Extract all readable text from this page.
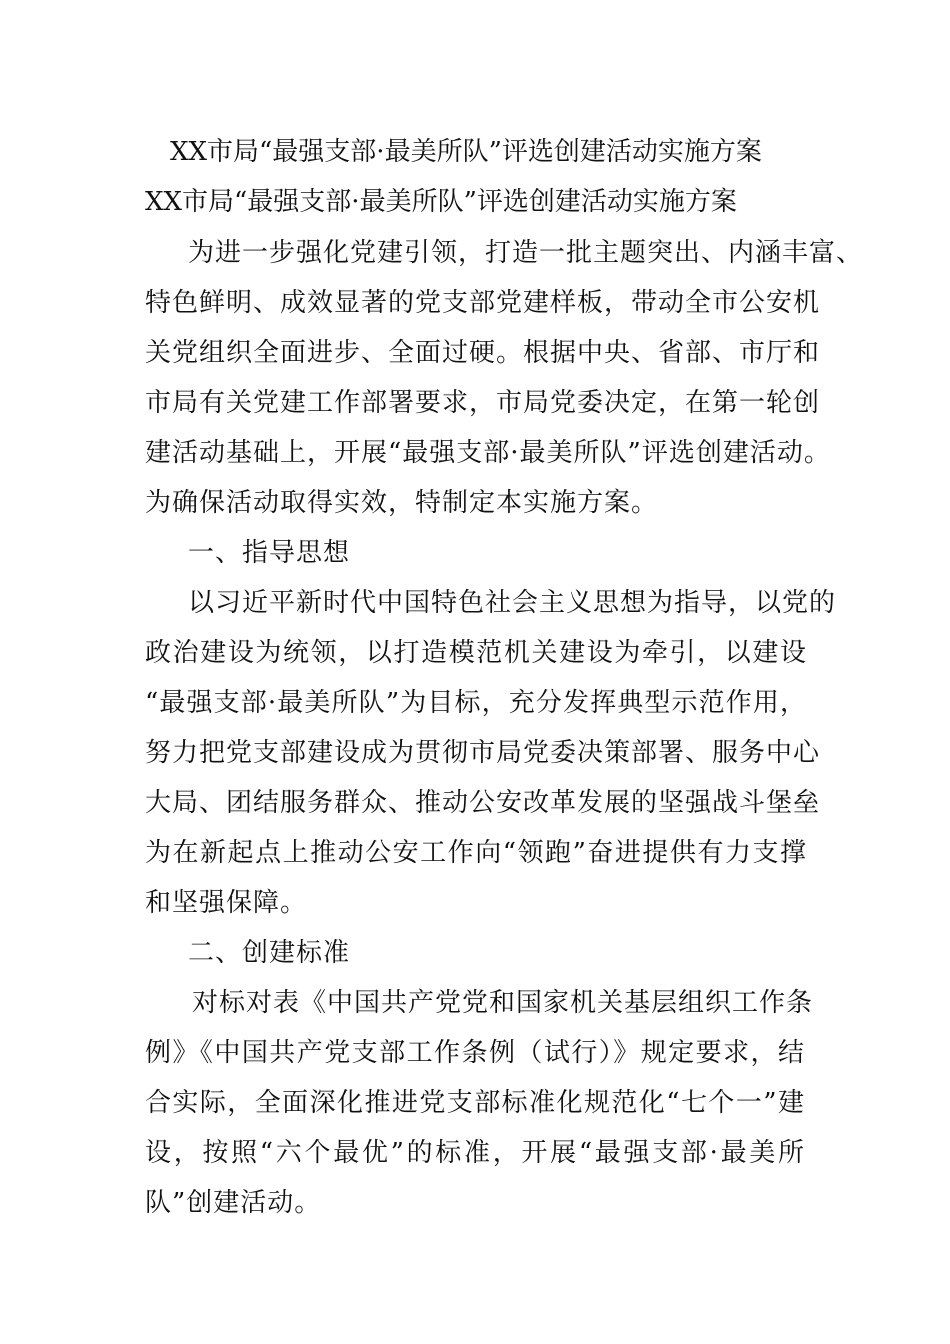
XX市局“最强支部·最美所队”评选创建活动实施方案
XX市局“最强支部·最美所队”评选创建活动实施方案
为进一步强化党建引领，打造一批主题突出、内涵丰富、
特色鲜明、成效显著的党支部党建样板，带动全市公安机
关党组织全面进步、全面过硬。根据中央、省部、市厅和
市局有关党建工作部署要求，市局党委决定，在第一轮创
建活动基础上，开展“最强支部·最美所队”评选创建活动。
为确保活动取得实效，特制定本实施方案。
一、指导思想
以习近平新时代中国特色社会主义思想为指导，以党的
政治建设为统领，以打造模范机关建设为牵引，以建设
“最强支部·最美所队”为目标，充分发挥典型示范作用，
努力把党支部建设成为贯彻市局党委决策部署、服务中心
大局、团结服务群众、推动公安改革发展的坚强战斗堡垒
为在新起点上推动公安工作向“领跑”奋进提供有力支撑
和坚强保障。
二、创建标准
对标对表《中国共产党党和国家机关基层组织工作条
例》《中国共产党支部工作条例（试行）》规定要求，结
合实际，全面深化推进党支部标准化规范化“七个一”建
设，按照“六个最优”的标准，开展“最强支部·最美所
队”创建活动。
